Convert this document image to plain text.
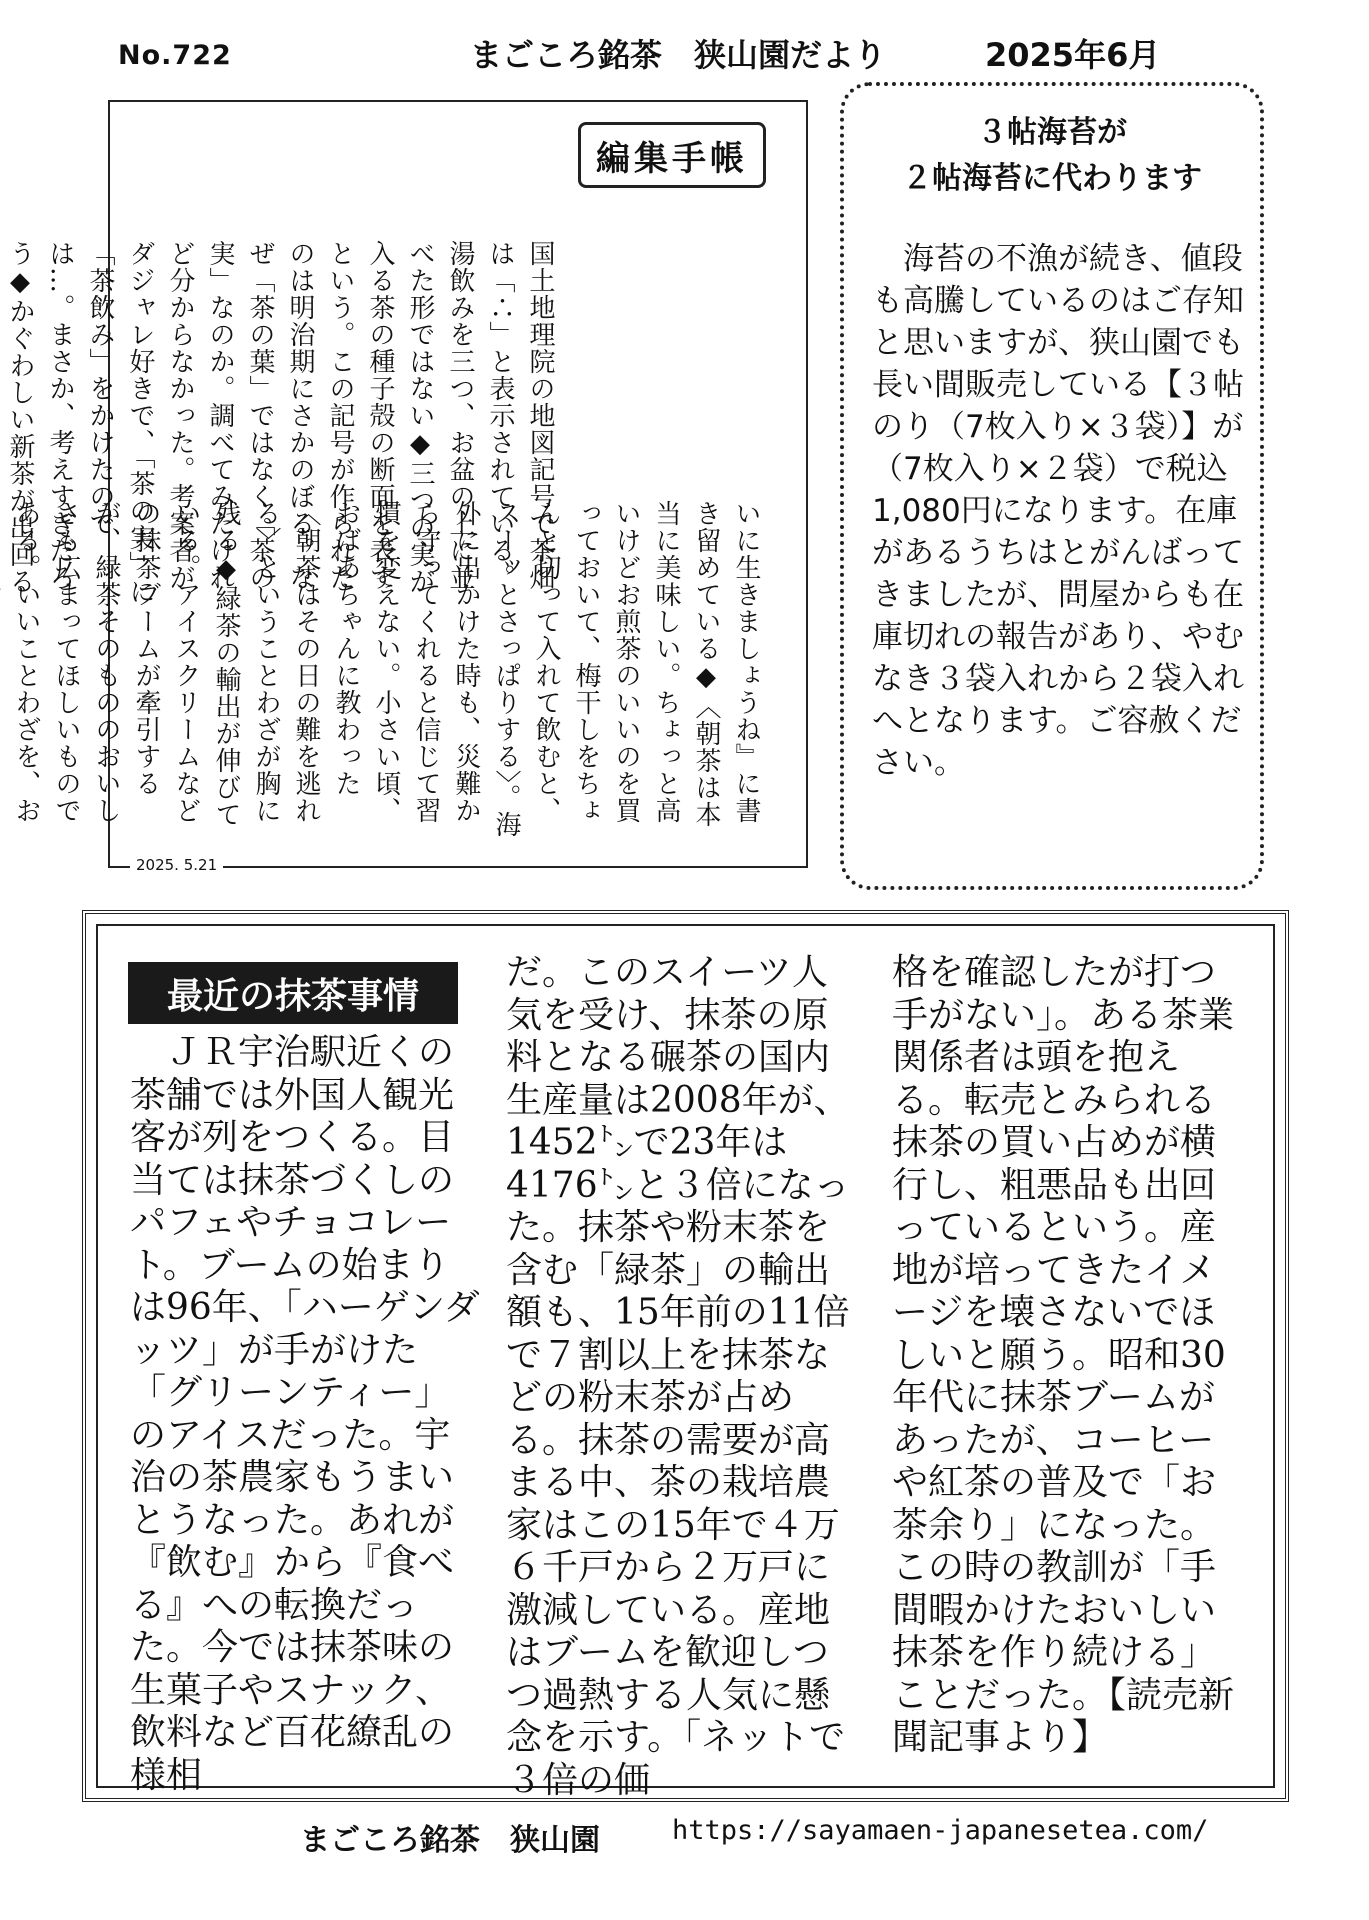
No.722	まごころ銘茶　狭山園だより	2025年6月
国土地理院の地図記号で茶畑は「∴」と表示されている。湯飲みを三つ、お盆の上に並べた形ではない◆三つの実が入る茶の種子殻の断面を表すという。この記号が作られたのは明治期にさかのぼる。なぜ「茶の葉」ではなく「茶の実」なのか。調べてみたけれど分からなかった。考案者がダジャレ好きで、「茶の実」に「茶飲み」をかけたのでは…。まさか、考えすぎだろう◆かぐわしい新茶が出回る
いに生きましょうね』に書き留めている◆〈朝茶は本当に美味しい。ちょっと高いけどお煎茶のいいのを買っておいて、梅干しをちょんと切って入れて飲むと、スーッとさっぱりする〉。海外に出かけた時も、災難から守ってくれると信じて習慣を変えない。小さい頃、おばあちゃんに教わった〈朝茶はその日の難を逃れる〉ということわざが胸に残る◆緑茶の輸出が伸びている。アイスクリームなどの抹茶ブームが牽引するが、緑茶そのもののおいしさも広まってほしいものである。いいことわざを、お
編集手帳
2025. 5.21
３帖海苔が
２帖海苔に代わります
海苔の不漁が続き、値段も高騰しているのはご存知と思いますが、狭山園でも長い間販売している【３帖のり（7枚入り×３袋）】が（7枚入り×２袋）で税込1,080円になります。在庫があるうちはとがんばってきましたが、問屋からも在庫切れの報告があり、やむなき３袋入れから２袋入れへとなります。ご容赦ください。
最近の抹茶事情
　ＪＲ宇治駅近くの茶舗では外国人観光客が列をつくる。目当ては抹茶づくしのパフェやチョコレート。ブームの始まりは96年、「ハーゲンダッツ」が手がけた「グリーンティー」のアイスだった。宇治の茶農家もうまいとうなった。あれが『飲む』から『食べる』への転換だった。今では抹茶味の生菓子やスナック、飲料など百花繚乱の様相
だ。このスイーツ人気を受け、抹茶の原料となる碾茶の国内生産量は2008年が、1452㌧で23年は4176㌧と３倍になった。抹茶や粉末茶を含む「緑茶」の輸出額も、15年前の11倍で７割以上を抹茶などの粉末茶が占める。抹茶の需要が高まる中、茶の栽培農家はこの15年で４万６千戸から２万戸に激減している。産地はブームを歓迎しつつ過熱する人気に懸念を示す。「ネットで３倍の価
格を確認したが打つ手がない」。ある茶業関係者は頭を抱える。転売とみられる抹茶の買い占めが横行し、粗悪品も出回っているという。産地が培ってきたイメージを壊さないでほしいと願う。昭和30年代に抹茶ブームがあったが、コーヒーや紅茶の普及で「お茶余り」になった。この時の教訓が「手間暇かけたおいしい抹茶を作り続ける」ことだった。【読売新聞記事より】
まごころ銘茶　狭山園	https://sayamaen-japanesetea.com/
